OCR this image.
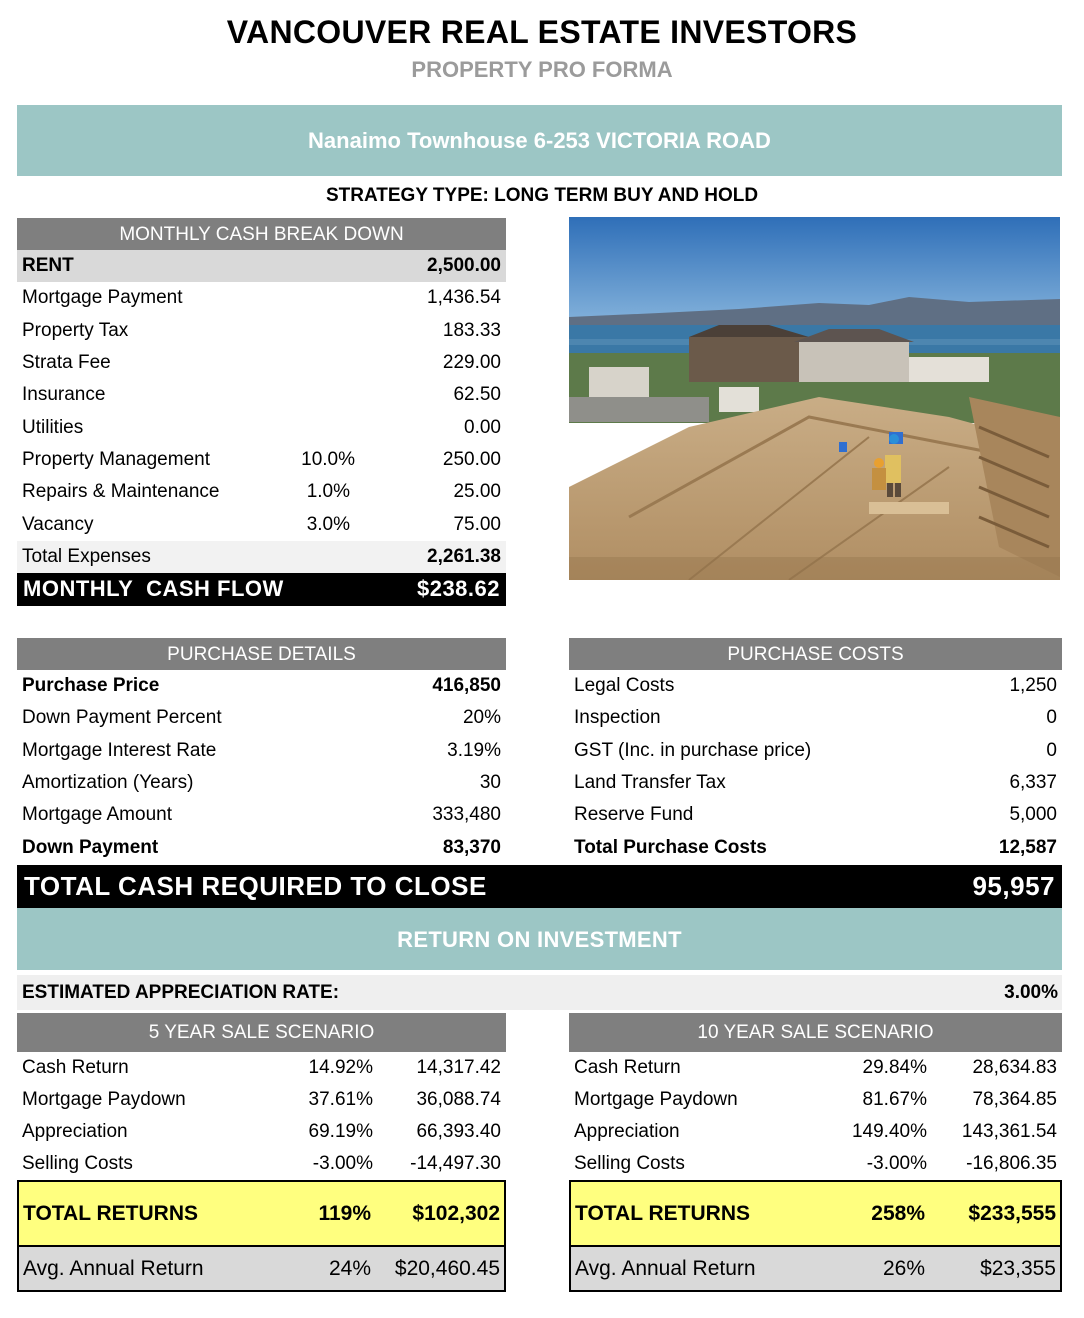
VANCOUVER REAL ESTATE INVESTORS
PROPERTY PRO FORMA
Nanaimo Townhouse 6-253 VICTORIA ROAD
STRATEGY TYPE: LONG TERM BUY AND HOLD
MONTHLY CASH BREAK DOWN
RENT	2,500.00
Mortgage Payment	1,436.54
Property Tax	183.33
Strata Fee	229.00
Insurance	62.50
Utilities	0.00
Property Management	10.0%	250.00
Repairs & Maintenance	1.0%	25.00
Vacancy	3.0%	75.00
Total Expenses	2,261.38
MONTHLY  CASH FLOW	$238.62
PURCHASE DETAILS
Purchase Price	416,850
Down Payment Percent	20%
Mortgage Interest Rate	3.19%
Amortization (Years)	30
Mortgage Amount	333,480
Down Payment	83,370
PURCHASE COSTS
Legal Costs	1,250
Inspection	0
GST (Inc. in purchase price)	0
Land Transfer Tax	6,337
Reserve Fund	5,000
Total Purchase Costs	12,587
TOTAL CASH REQUIRED TO CLOSE	95,957
RETURN ON INVESTMENT
ESTIMATED APPRECIATION RATE:	3.00%
5 YEAR SALE SCENARIO
Cash Return	14.92% 14,317.42
Mortgage Paydown	37.61% 36,088.74
Appreciation	69.19% 66,393.40
Selling Costs	-3.00% -14,497.30
TOTAL RETURNS	119% $102,302
Avg. Annual Return	24% $20,460.45
10 YEAR SALE SCENARIO
Cash Return	29.84% 28,634.83
Mortgage Paydown	81.67% 78,364.85
Appreciation	149.40% 143,361.54
Selling Costs	-3.00% -16,806.35
TOTAL RETURNS	258% $233,555
Avg. Annual Return	26%	$23,355
